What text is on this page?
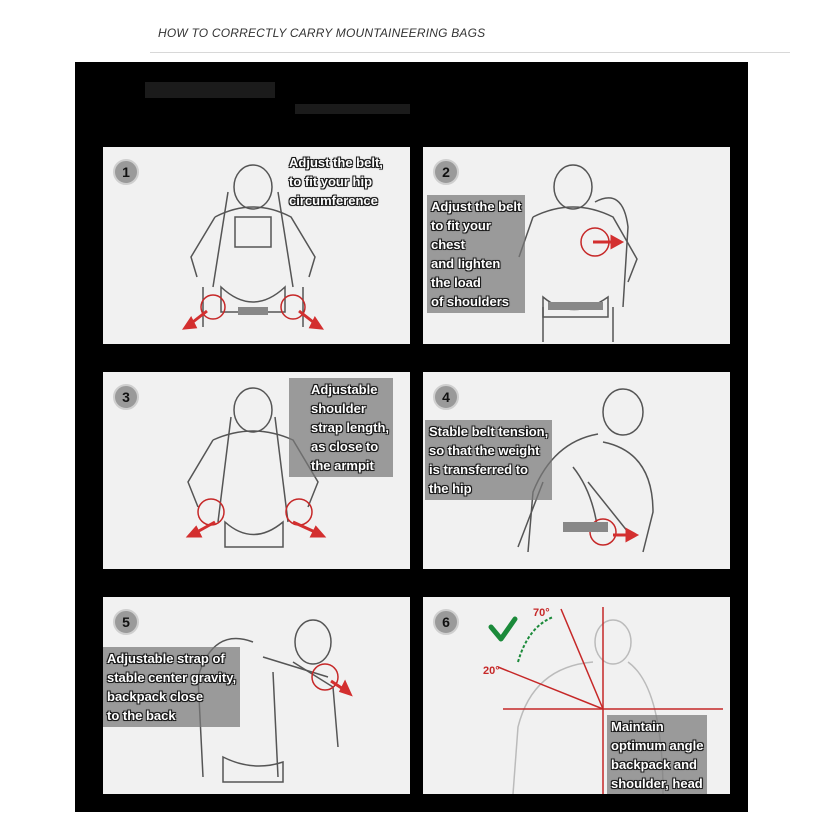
HOW TO CORRECTLY CARRY MOUNTAINEERING BAGS
1
Adjust the belt,
to fit your hip
circumference
2
Adjust the belt
to fit your
chest
and lighten
the load
of shoulders
3	Adjustable
shoulder
strap length,
as close to
the armpit
4
Stable belt tension,
so that the weight
is transferred to
the hip
5
Adjustable strap of
stable center gravity,
backpack close
to the back
6
70°
20°
Maintain
optimum angle
backpack and
shoulder, head
